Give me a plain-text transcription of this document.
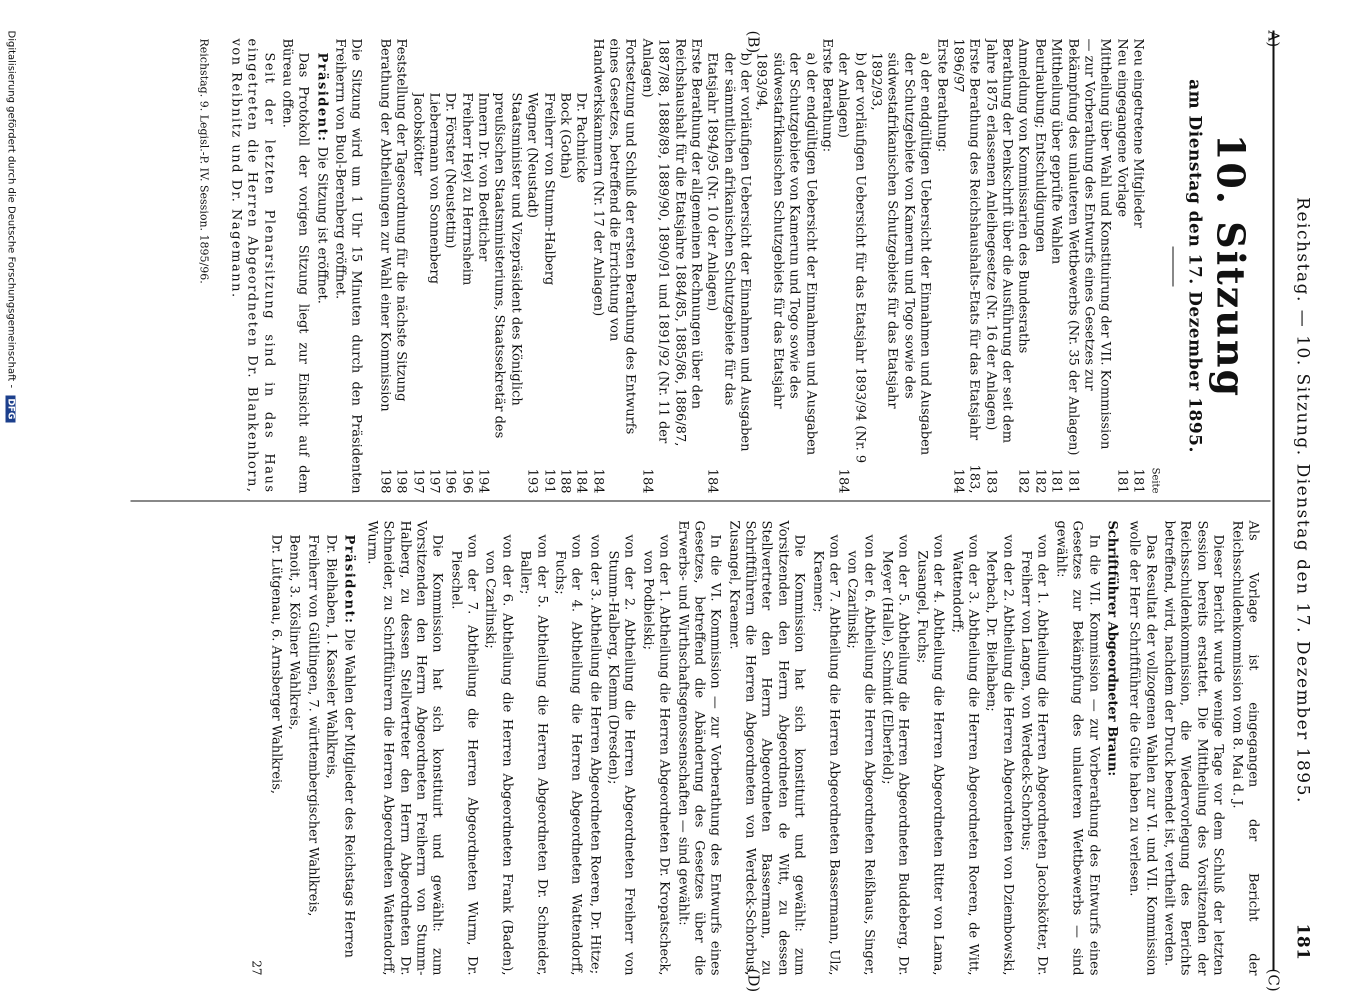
Reichstag. — 10. Sitzung. Dienstag den 17. Dezember 1895.
181
A)
(C)
(B)
(D)
10. Sitzung
am Dienstag den 17. Dezember 1895.
Seite
Neu eingetretene Mitglieder
181
Neu eingegangene Vorlage
181
Mittheilung über Wahl und Konstituirung der VII. Kommission — zur Vorberathung des Entwurfs eines Gesetzes zur Bekämpfung des unlauteren Wettbewerbs (Nr. 35 der Anlagen)
181
Mittheilung über geprüfte Wahlen
181
Beurlaubung; Entschuldigungen
182
Anmeldung von Kommissarien des Bundesraths
182
Berathung der Denkschrift über die Ausführung der seit dem Jahre 1875 erlassenen Anleihegesetze (Nr. 16 der Anlagen)
183
Erste Berathung des Reichshaushalts-Etats für das Etatsjahr 1896/97
183, 184
Erste Berathung:
a) der endgültigen Uebersicht der Einnahmen und Ausgaben der Schutzgebiete von Kamerun und Togo sowie des südwestafrikanischen Schutzgebiets für das Etatsjahr 1892/93,
b) der vorläufigen Uebersicht für das Etatsjahr 1893/94 (Nr. 9 der Anlagen)
184
Erste Berathung:
a) der endgültigen Uebersicht der Einnahmen und Ausgaben der Schutzgebiete von Kamerun und Togo sowie des südwestafrikanischen Schutzgebiets für das Etatsjahr 1893/94,
b) der vorläufigen Uebersicht der Einnahmen und Ausgaben der sämmtlichen afrikanischen Schutzgebiete für das Etatsjahr 1894/95 (Nr. 10 der Anlagen)
184
Erste Berathung der allgemeinen Rechnungen über den Reichshaushalt für die Etatsjahre 1884/85, 1885/86, 1886/87, 1887/88, 1888/89, 1889/90, 1890/91 und 1891/92 (Nr. 11 der Anlagen)
184
Fortsetzung und Schluß der ersten Berathung des Entwurfs eines Gesetzes, betreffend die Errichtung von Handwerkskammern (Nr. 17 der Anlagen)
184
Dr. Pachnicke
184
Bock (Gotha)
188
Freiherr von Stumm-Halberg
191
Wegner (Neustadt)
193
Staatsminister und Vizepräsident des Königlich preußischen Staatsministeriums, Staatssekretär des Innern Dr. von Boetticher
194
Freiherr Heyl zu Herrnsheim
196
Dr. Förster (Neustettin)
196
Liebermann von Sonnenberg
197
Jacobskötter
197
Feststellung der Tagesordnung für die nächste Sitzung
198
Berathung der Abtheilungen zur Wahl einer Kommission
198

Die Sitzung wird um 1 Uhr 15 Minuten durch den Präsidenten Freiherrn von Buol-Berenberg eröffnet.

Präsident: Die Sitzung ist eröffnet.

Das Protokoll der vorigen Sitzung liegt zur Einsicht auf dem Büreau offen.

Seit der letzten Plenarsitzung sind in das Haus eingetreten die Herren Abgeordneten Dr. Blankenhorn, von Reibnitz und Dr. Nagemann.

Reichstag. 9. Legisl.-P. IV. Session. 1895/96.

Als Vorlage ist eingegangen der Bericht der Reichsschuldenkommission vom 8. Mai d. J.

Dieser Bericht wurde wenige Tage vor dem Schluß der letzten Session bereits erstattet. Die Mittheilung des Vorsitzenden der Reichsschuldenkommission, die Wiedervorlegung des Berichts betreffend, wird, nachdem der Druck beendet ist, vertheilt werden.

Das Resultat der vollzogenen Wahlen zur VI. und VII. Kommission wolle der Herr Schriftführer die Güte haben zu verlesen.

Schriftführer Abgeordneter Braun:

In die VII. Kommission — zur Vorberathung des Entwurfs eines Gesetzes zur Bekämpfung des unlauteren Wettbewerbs — sind gewählt:

von der 1. Abtheilung die Herren Abgeordneten Jacobskötter, Dr. Freiherr von Langen, von Werdeck-Schorbus;

von der 2. Abtheilung die Herren Abgeordneten von Dziembowski, Merbach, Dr. Bielhaben;

von der 3. Abtheilung die Herren Abgeordneten Roeren, de Witt, Wattendorff;

von der 4. Abtheilung die Herren Abgeordneten Ritter von Lama, Zusangel, Fuchs;

von der 5. Abtheilung die Herren Abgeordneten Buddeberg, Dr. Meyer (Halle), Schmidt (Elberfeld);

von der 6. Abtheilung die Herren Abgeordneten Reißhaus, Singer, von Czarlinski;

von der 7. Abtheilung die Herren Abgeordneten Bassermann, Ulz, Kraemer;

Die Kommission hat sich konstituirt und gewählt: zum Vorsitzenden den Herrn Abgeordneten de Witt, zu dessen Stellvertreter den Herrn Abgeordneten Bassermann, zu Schriftführern die Herren Abgeordneten von Werdeck-Schorbus, Zusangel, Kraemer.

In die VI. Kommission — zur Vorberathung des Entwurfs eines Gesetzes, betreffend die Abänderung des Gesetzes über die Erwerbs- und Wirthschaftsgenossenschaften — sind gewählt:

von der 1. Abtheilung die Herren Abgeordneten Dr. Kropatscheck, von Podbielski;

von der 2. Abtheilung die Herren Abgeordneten Freiherr von Stumm-Halberg, Klemm (Dresden);

von der 3. Abtheilung die Herren Abgeordneten Roeren, Dr. Hitze;

von der 4. Abtheilung die Herren Abgeordneten Wattendorff, Fuchs;

von der 5. Abtheilung die Herren Abgeordneten Dr. Schneider, Baller;

von der 6. Abtheilung die Herren Abgeordneten Frank (Baden), von Czarlinski;

von der 7. Abtheilung die Herren Abgeordneten Wurm, Dr. Pieschel.

Die Kommission hat sich konstituirt und gewählt: zum Vorsitzenden den Herrn Abgeordneten Freiherrn von Stumm-Halberg, zu dessen Stellvertreter den Herrn Abgeordneten Dr. Schneider, zu Schriftführern die Herren Abgeordneten Wattendorff, Wurm.

Präsident: Die Wahlen der Mitglieder des Reichstags Herren

Dr. Bielhaben, 1. Kasseler Wahlkreis,

Freiherr von Gültlingen, 7. württembergischer Wahlkreis,

Benoit, 3. Kösliner Wahlkreis,

Dr. Lütgenau, 6. Arnsberger Wahlkreis,

27
Digitalisierung gefördert durch die Deutsche Forschungsgemeinschaft - DFG
